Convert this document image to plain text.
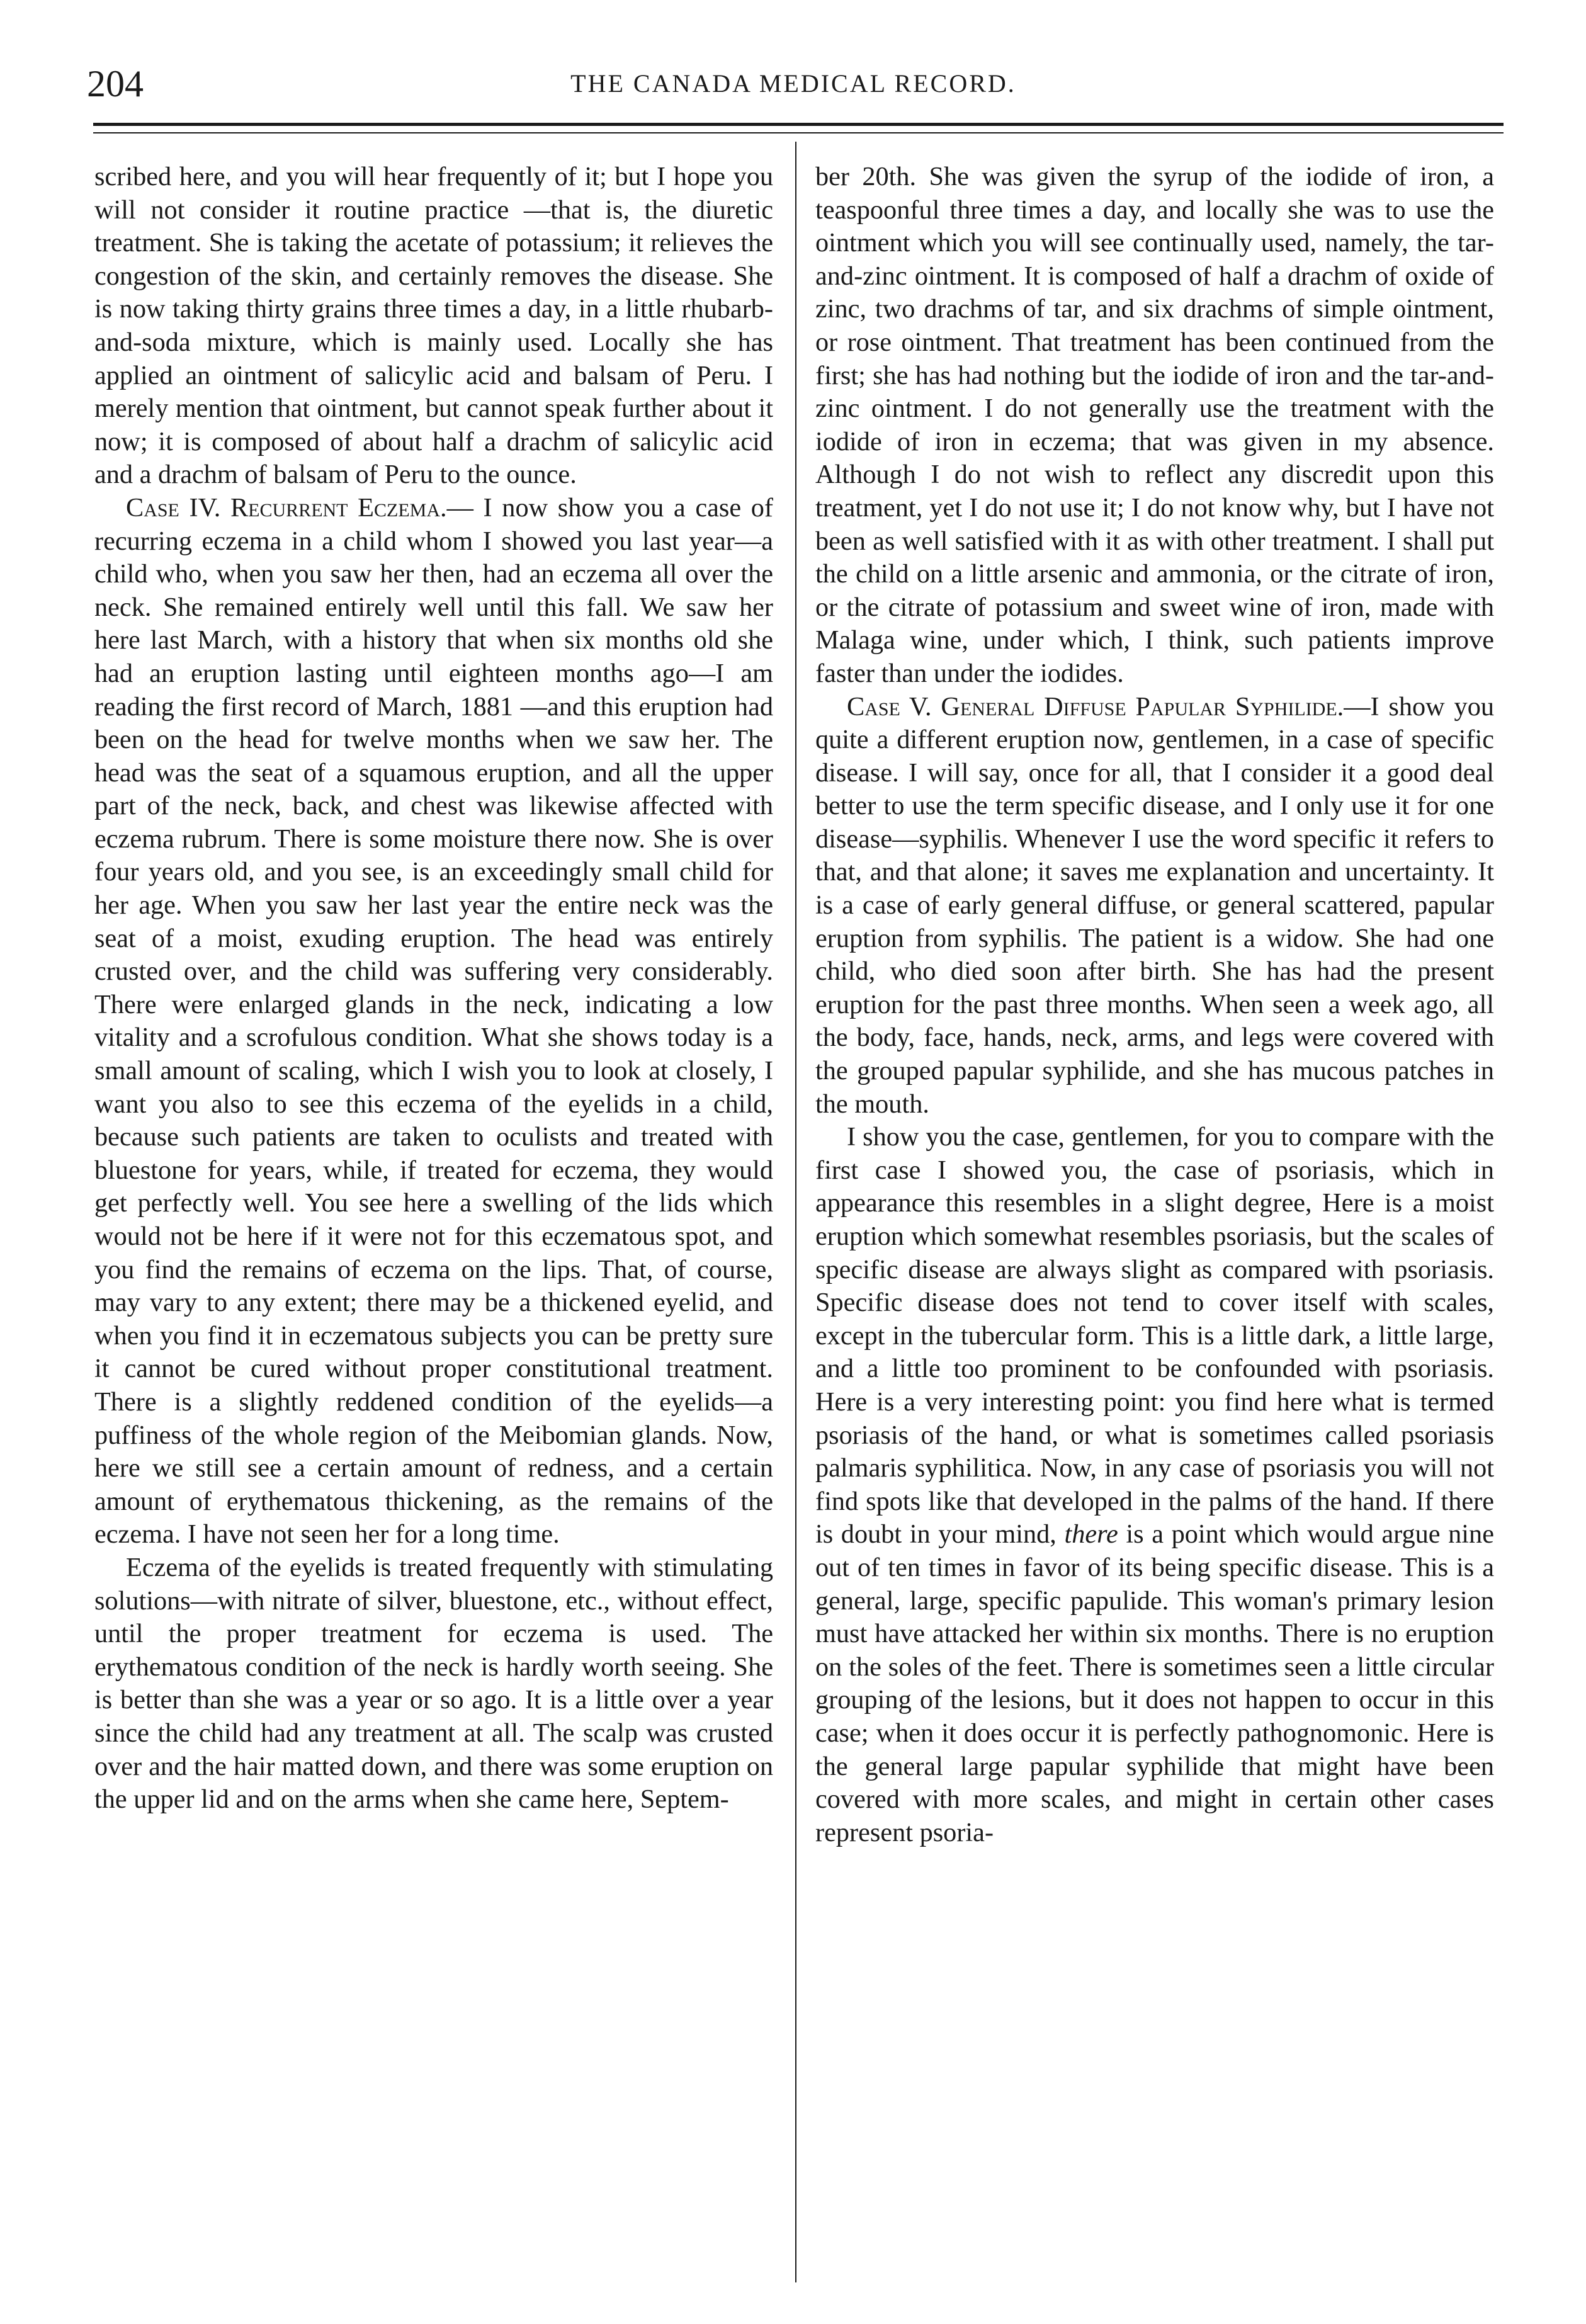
204	THE CANADA MEDICAL RECORD.

scribed here, and you will hear frequently of it; but I hope you will not consider it routine practice —that is, the diuretic treatment. She is taking the acetate of potassium; it relieves the congestion of the skin, and certainly removes the disease. She is now taking thirty grains three times a day, in a little rhubarb-and-soda mixture, which is mainly used. Locally she has applied an ointment of salicylic acid and balsam of Peru. I merely mention that ointment, but cannot speak further about it now; it is composed of about half a drachm of salicylic acid and a drachm of balsam of Peru to the ounce.

Case IV. Recurrent Eczema.— I now show you a case of recurring eczema in a child whom I showed you last year—a child who, when you saw her then, had an eczema all over the neck. She remained entirely well until this fall. We saw her here last March, with a history that when six months old she had an eruption lasting until eighteen months ago—I am reading the first record of March, 1881 —and this eruption had been on the head for twelve months when we saw her. The head was the seat of a squamous eruption, and all the upper part of the neck, back, and chest was likewise affected with eczema rubrum. There is some moisture there now. She is over four years old, and you see, is an exceedingly small child for her age. When you saw her last year the entire neck was the seat of a moist, exuding eruption. The head was entirely crusted over, and the child was suffering very considerably. There were enlarged glands in the neck, indicating a low vitality and a scrofulous condition. What she shows today is a small amount of scaling, which I wish you to look at closely, I want you also to see this eczema of the eyelids in a child, because such patients are taken to oculists and treated with bluestone for years, while, if treated for eczema, they would get perfectly well. You see here a swelling of the lids which would not be here if it were not for this eczematous spot, and you find the remains of eczema on the lips. That, of course, may vary to any extent; there may be a thickened eyelid, and when you find it in eczematous subjects you can be pretty sure it cannot be cured without proper constitutional treatment. There is a slightly reddened condition of the eyelids—a puffiness of the whole region of the Meibomian glands. Now, here we still see a certain amount of redness, and a certain amount of erythematous thickening, as the remains of the eczema. I have not seen her for a long time.

Eczema of the eyelids is treated frequently with stimulating solutions—with nitrate of silver, bluestone, etc., without effect, until the proper treatment for eczema is used. The erythematous condition of the neck is hardly worth seeing. She is better than she was a year or so ago. It is a little over a year since the child had any treatment at all. The scalp was crusted over and the hair matted down, and there was some eruption on the upper lid and on the arms when she came here, Septem-

ber 20th. She was given the syrup of the iodide of iron, a teaspoonful three times a day, and locally she was to use the ointment which you will see continually used, namely, the tar-and-zinc ointment. It is composed of half a drachm of oxide of zinc, two drachms of tar, and six drachms of simple ointment, or rose ointment. That treatment has been continued from the first; she has had nothing but the iodide of iron and the tar-and-zinc ointment. I do not generally use the treatment with the iodide of iron in eczema; that was given in my absence. Although I do not wish to reflect any discredit upon this treatment, yet I do not use it; I do not know why, but I have not been as well satisfied with it as with other treatment. I shall put the child on a little arsenic and ammonia, or the citrate of iron, or the citrate of potassium and sweet wine of iron, made with Malaga wine, under which, I think, such patients improve faster than under the iodides.

Case V. General Diffuse Papular Syphilide.—I show you quite a different eruption now, gentlemen, in a case of specific disease. I will say, once for all, that I consider it a good deal better to use the term specific disease, and I only use it for one disease—syphilis. Whenever I use the word specific it refers to that, and that alone; it saves me explanation and uncertainty. It is a case of early general diffuse, or general scattered, papular eruption from syphilis. The patient is a widow. She had one child, who died soon after birth. She has had the present eruption for the past three months. When seen a week ago, all the body, face, hands, neck, arms, and legs were covered with the grouped papular syphilide, and she has mucous patches in the mouth.

I show you the case, gentlemen, for you to compare with the first case I showed you, the case of psoriasis, which in appearance this resembles in a slight degree, Here is a moist eruption which somewhat resembles psoriasis, but the scales of specific disease are always slight as compared with psoriasis. Specific disease does not tend to cover itself with scales, except in the tubercular form. This is a little dark, a little large, and a little too prominent to be confounded with psoriasis. Here is a very interesting point: you find here what is termed psoriasis of the hand, or what is sometimes called psoriasis palmaris syphilitica. Now, in any case of psoriasis you will not find spots like that developed in the palms of the hand. If there is doubt in your mind, there is a point which would argue nine out of ten times in favor of its being specific disease. This is a general, large, specific papulide. This woman's primary lesion must have attacked her within six months. There is no eruption on the soles of the feet. There is sometimes seen a little circular grouping of the lesions, but it does not happen to occur in this case; when it does occur it is perfectly pathognomonic. Here is the general large papular syphilide that might have been covered with more scales, and might in certain other cases represent psoria-
